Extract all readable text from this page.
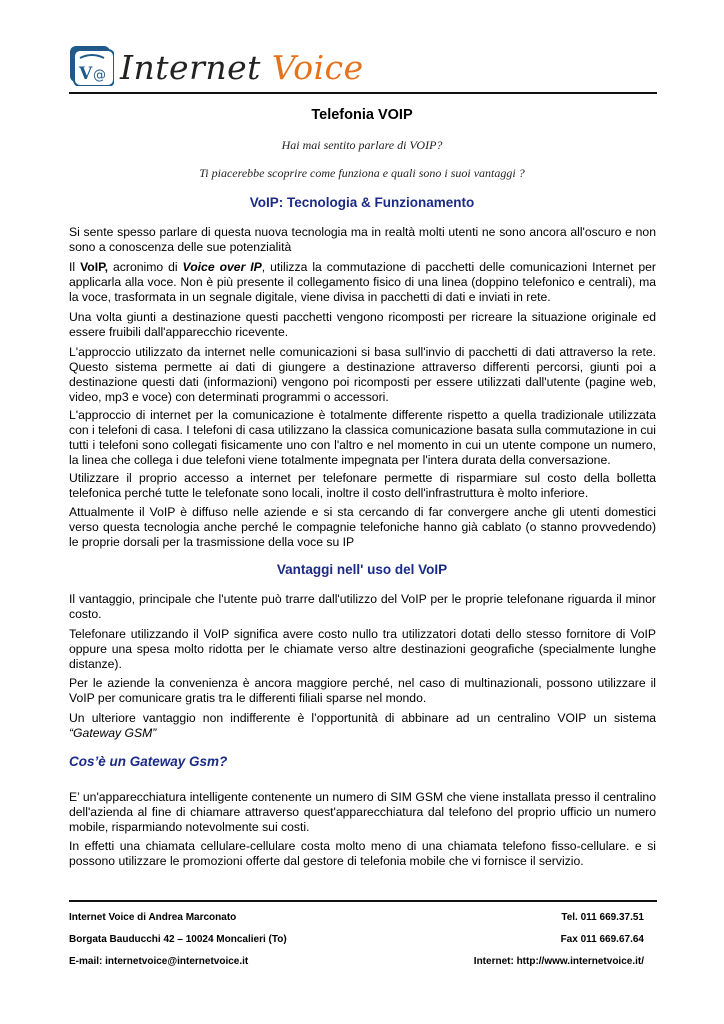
V @ Internet Voice
Telefonia VOIP
Hai mai sentito parlare di VOIP?
Ti piacerebbe scoprire come funziona e quali sono i suoi vantaggi ?
VoIP: Tecnologia & Funzionamento

Si sente spesso parlare di questa nuova tecnologia ma in realtà molti utenti ne sono ancora all'oscuro e non sono a conoscenza delle sue potenzialità

Il VoIP, acronimo di Voice over IP, utilizza la commutazione di pacchetti delle comunicazioni Internet per applicarla alla voce. Non è più presente il collegamento fisico di una linea (doppino telefonico e centrali), ma la voce, trasformata in un segnale digitale, viene divisa in pacchetti di dati e inviati in rete.

Una volta giunti a destinazione questi pacchetti vengono ricomposti per ricreare la situazione originale ed essere fruibili dall'apparecchio ricevente.

L'approccio utilizzato da internet nelle comunicazioni si basa sull'invio di pacchetti di dati attraverso la rete. Questo sistema permette ai dati di giungere a destinazione attraverso differenti percorsi, giunti poi a destinazione questi dati (informazioni) vengono poi ricomposti per essere utilizzati dall'utente (pagine web, video, mp3 e voce) con determinati programmi o accessori.

L'approccio di internet per la comunicazione è totalmente differente rispetto a quella tradizionale utilizzata con i telefoni di casa. I telefoni di casa utilizzano la classica comunicazione basata sulla commutazione in cui tutti i telefoni sono collegati fisicamente uno con l'altro e nel momento in cui un utente compone un numero, la linea che collega i due telefoni viene totalmente impegnata per l'intera durata della conversazione.

Utilizzare il proprio accesso a internet per telefonare permette di risparmiare sul costo della bolletta telefonica perché tutte le telefonate sono locali, inoltre il costo dell'infrastruttura è molto inferiore.

Attualmente il VoIP è diffuso nelle aziende e si sta cercando di far convergere anche gli utenti domestici verso questa tecnologia anche perché le compagnie telefoniche hanno già cablato (o stanno provvedendo) le proprie dorsali per la trasmissione della voce su IP

Vantaggi nell' uso del VoIP

Il vantaggio, principale che l'utente può trarre dall'utilizzo del VoIP per le proprie telefonane riguarda il minor costo.

Telefonare utilizzando il VoIP significa avere costo nullo tra utilizzatori dotati dello stesso fornitore di VoIP oppure una spesa molto ridotta per le chiamate verso altre destinazioni geografiche (specialmente lunghe distanze).

Per le aziende la convenienza è ancora maggiore perché, nel caso di multinazionali, possono utilizzare il VoIP per comunicare gratis tra le differenti filiali sparse nel mondo.

Un ulteriore vantaggio non indifferente è l’opportunità di abbinare ad un centralino VOIP un sistema “Gateway GSM”

Cos’è un Gateway Gsm?

E’ un'apparecchiatura intelligente contenente un numero di SIM GSM che viene installata presso il centralino dell'azienda al fine di chiamare attraverso quest'apparecchiatura dal telefono del proprio ufficio un numero mobile, risparmiando notevolmente sui costi.

In effetti una chiamata cellulare-cellulare costa molto meno di una chiamata telefono fisso-cellulare. e si possono utilizzare le promozioni offerte dal gestore di telefonia mobile che vi fornisce il servizio.

Internet Voice di Andrea Marconato	Tel. 011 669.37.51
Borgata Bauducchi 42 – 10024 Moncalieri (To)	Fax 011 669.67.64
E-mail: internetvoice@internetvoice.it	Internet: http://www.internetvoice.it/
